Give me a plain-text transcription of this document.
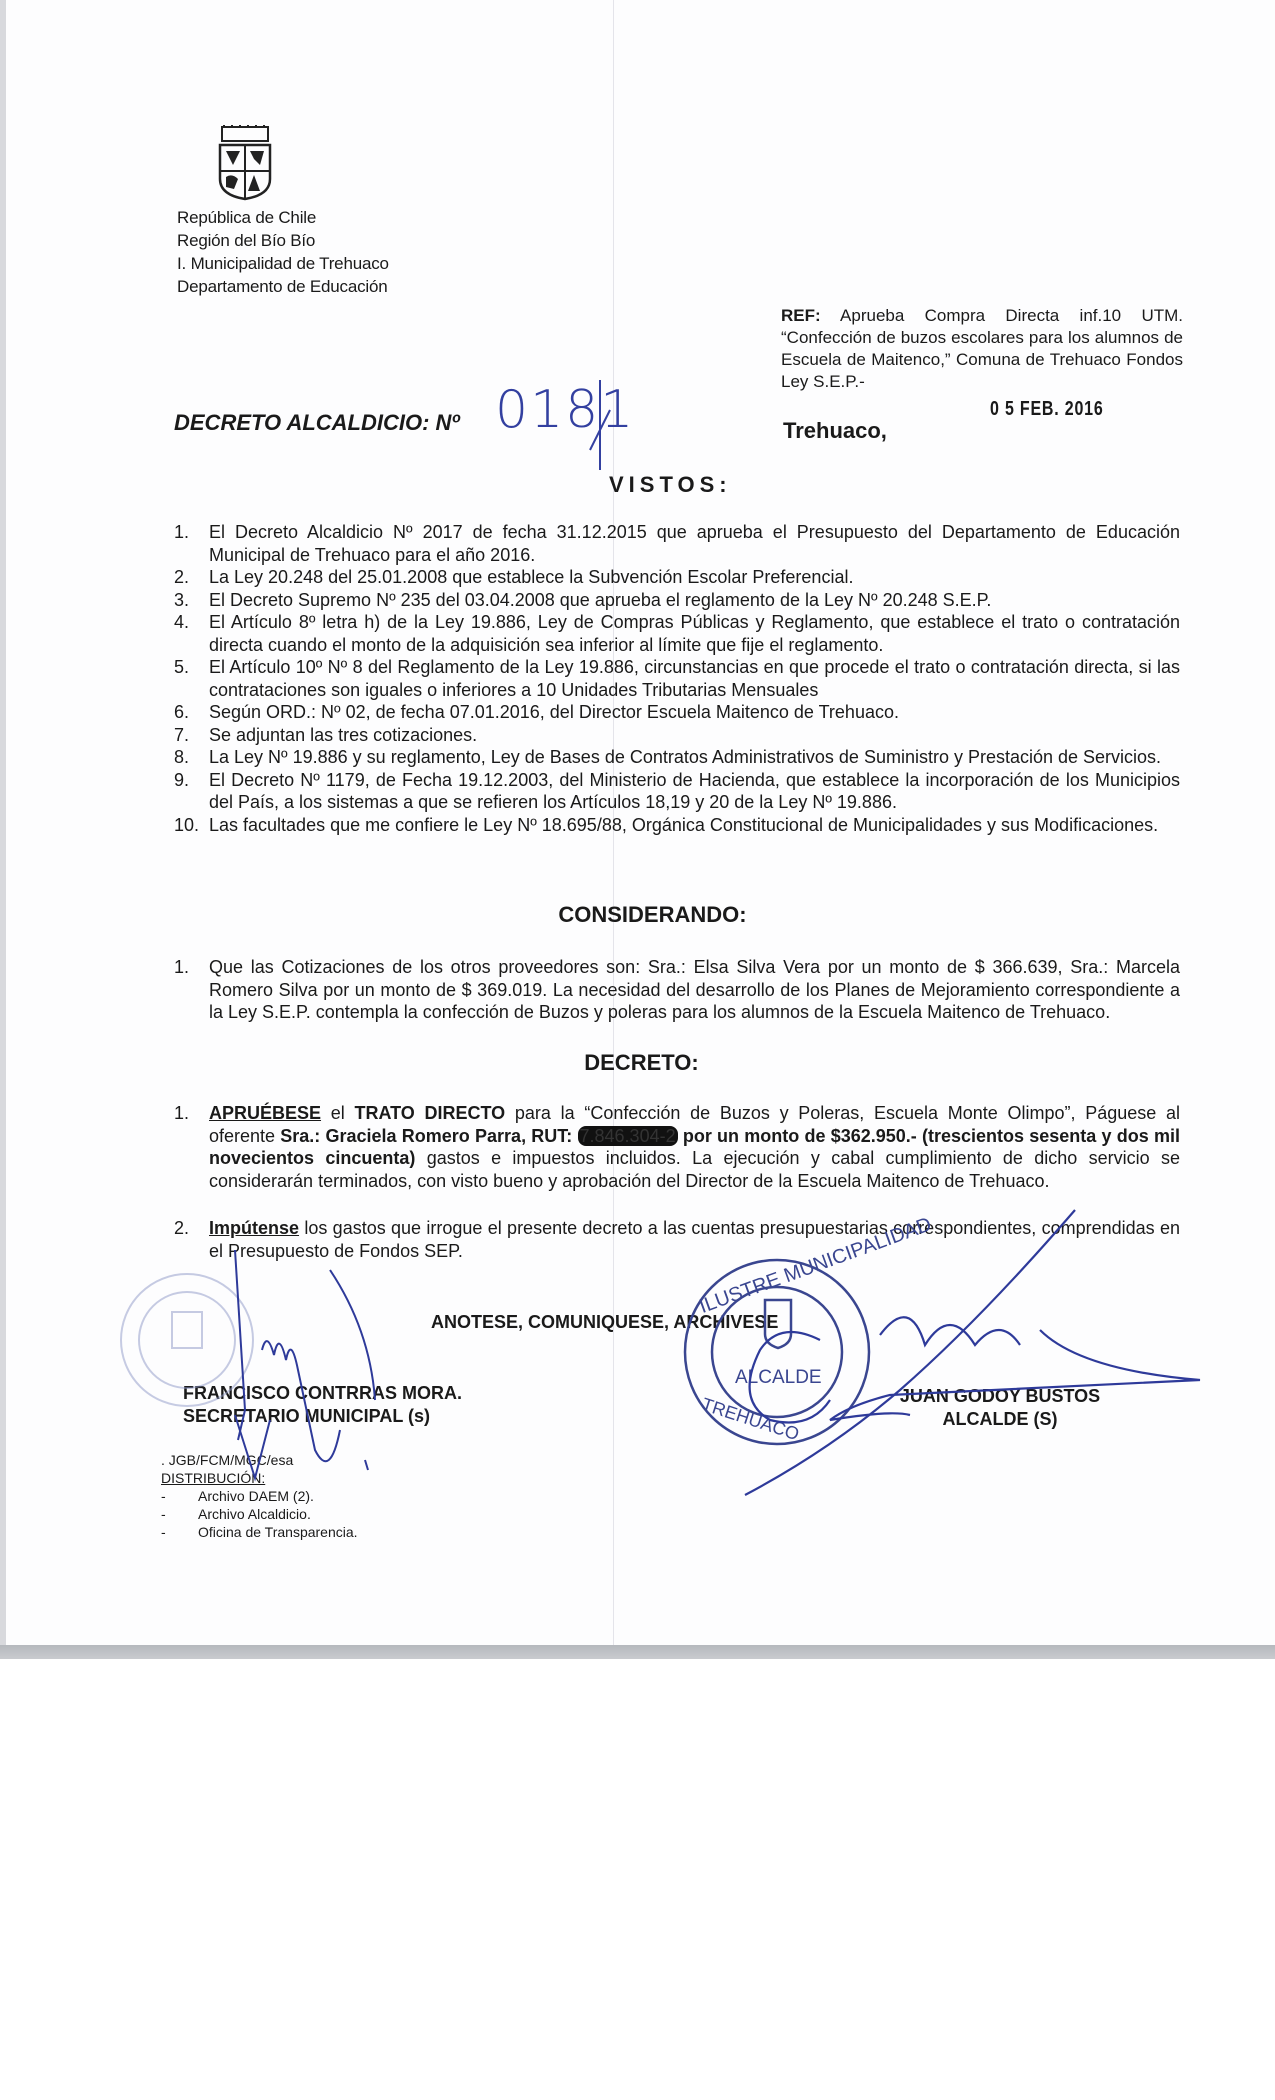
República de Chile
Región del Bío Bío
I. Municipalidad de Trehuaco
Departamento de Educación
REF: Aprueba Compra Directa inf.10 UTM. “Confección de buzos escolares para los alumnos de Escuela de Maitenco,” Comuna de Trehuaco Fondos Ley S.E.P.-
0 5 FEB. 2016
DECRETO ALCALDICIO: Nº 0181	Trehuaco,
VISTOS:
1. El Decreto Alcaldicio Nº 2017 de fecha 31.12.2015 que aprueba el Presupuesto del Departamento de Educación Municipal de Trehuaco para el año 2016.
2. La Ley 20.248 del 25.01.2008 que establece la Subvención Escolar Preferencial.
3. El Decreto Supremo Nº 235 del 03.04.2008 que aprueba el reglamento de la Ley Nº 20.248 S.E.P.
4. El Artículo 8º letra h) de la Ley 19.886, Ley de Compras Públicas y Reglamento, que establece el trato o contratación directa cuando el monto de la adquisición sea inferior al límite que fije el reglamento.
5. El Artículo 10º Nº 8 del Reglamento de la Ley 19.886, circunstancias en que procede el trato o contratación directa, si las contrataciones son iguales o inferiores a 10 Unidades Tributarias Mensuales
6. Según ORD.: Nº 02, de fecha 07.01.2016, del Director Escuela Maitenco de Trehuaco.
7. Se adjuntan las tres cotizaciones.
8. La Ley Nº 19.886 y su reglamento, Ley de Bases de Contratos Administrativos de Suministro y Prestación de Servicios.
9. El Decreto Nº 1179, de Fecha 19.12.2003, del Ministerio de Hacienda, que establece la incorporación de los Municipios del País, a los sistemas a que se refieren los Artículos 18,19 y 20 de la Ley Nº 19.886.
10. Las facultades que me confiere le Ley Nº 18.695/88, Orgánica Constitucional de Municipalidades y sus Modificaciones.
CONSIDERANDO:
1. Que las Cotizaciones de los otros proveedores son: Sra.: Elsa Silva Vera por un monto de $ 366.639, Sra.: Marcela Romero Silva por un monto de $ 369.019. La necesidad del desarrollo de los Planes de Mejoramiento correspondiente a la Ley S.E.P. contempla la confección de Buzos y poleras para los alumnos de la Escuela Maitenco de Trehuaco.
DECRETO:
1. APRUÉBESE el TRATO DIRECTO para la “Confección de Buzos y Poleras, Escuela Monte Olimpo”, Páguese al oferente Sra.: Graciela Romero Parra, RUT: 7.846.304-2 por un monto de $362.950.- (trescientos sesenta y dos mil novecientos cincuenta) gastos e impuestos incluidos. La ejecución y cabal cumplimiento de dicho servicio se considerarán terminados, con visto bueno y aprobación del Director de la Escuela Maitenco de Trehuaco.
2. Impútense los gastos que irrogue el presente decreto a las cuentas presupuestarias correspondientes, comprendidas en el Presupuesto de Fondos SEP.
ANOTESE, COMUNIQUESE, ARCHIVESE
FRANCISCO CONTRRAS MORA.
SECRETARIO MUNICIPAL (s)
JUAN GODOY BUSTOS
ALCALDE (S)
. JGB/FCM/MGC/esa
DISTRIBUCIÓN:
- Archivo DAEM (2).
- Archivo Alcaldicio.
- Oficina de Transparencia.
ILUSTRE MUNICIPALIDAD
ALCALDE
TREHUACO
